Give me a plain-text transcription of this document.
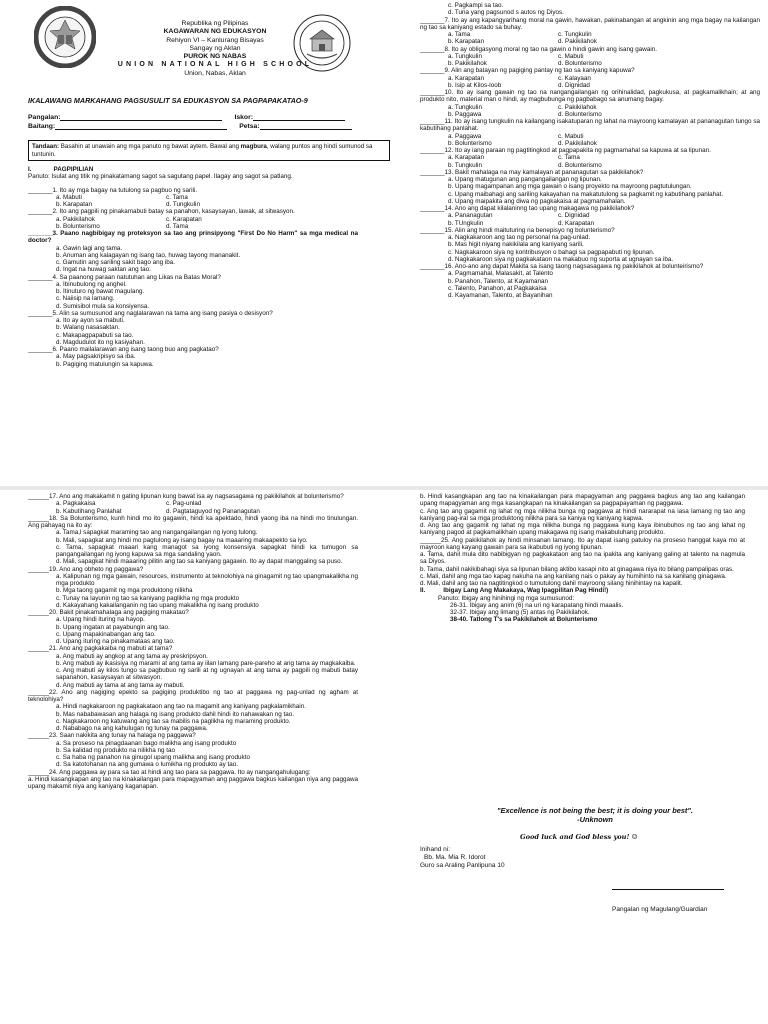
Republika ng Pilipinas
KAGAWARAN NG EDUKASYON
Rehiyon VI – Kanlurang Bisayas
Sangay ng Aklan
PUROK NG NABAS
UNION NATIONAL HIGH SCHOOL
Union, Nabas, Aklan
IKALAWANG MARKAHANG PAGSUSULIT SA EDUKASYON SA PAGPAPAKATAO-9
Pangalan:	Iskor:
Baitang:	Petsa:
Tandaan: Basahin at unawain ang mga panuto ng bawat aytem. Bawal ang magbura, walang puntos ang hindi sumunod sa tuntunin.
I.	PAGPIPILIAN
Panuto: Isulat ang titik ng pinakatamang sagot sa sagutang papel. Ilagay ang sagot sa patlang.
_______1. Ito ay mga bagay na tutulong sa pagbuo ng sarili.
a. Mabuti	c. Tama
b. Karapatan	d. Tungkulin
_______2. Ito ang pagpili ng pinakamabuti batay sa panahon, kasaysayan, lawak, at sitwasyon.
a. Pakikilahok	c. Karapatan
b. Bolunterismo	d. Tama
_______3. Paano nagbibigay ng proteksyon sa tao ang prinsipyong "First Do No Harm" sa mga medical na doctor?
a. Gawin lagi ang tama.
b. Anuman ang kalagayan ng isang tao, huwag tayong mananakit.
c. Gamutin ang sariling sakit bago ang iba.
d. Ingat na huwag saktan ang tao.
_______4. Sa paanong paraan natutuhan ang Likas na Batas Moral?
a. Ibinubulong ng anghel.
b. Itinuturo ng bawat magulang.
c. Naiisip na lamang.
d. Sumisibol mula sa konsiyensa.
_______5. Alin sa sumusunod ang naglalarawan na tama ang isang pasiya o desisyon?
a. Ito ay ayon sa mabuti.
b. Walang nasasaktan.
c. Makapagpapabuti sa tao.
d. Magdudulot ito ng kasiyahan.
_______6. Paano mailalarawan ang isang taong buo ang pagkatao?
a. May pagsakripisyo sa iba.
b. Pagiging matulungin sa kapuwa.
c. Pagkampi sa tao.
d. Tuna yang pagsunod s autos ng Diyos.
_______7. Ito ay ang kapangyarihang moral na gawin, hawakan, pakinabangan at angkinin ang mga bagay na kailangan ng tao sa kaniyang estado sa buhay.
a. Tama	c. Tungkulin
b. Karapatan	d. Pakikilahok
_______8. Ito ay obligasyong moral ng tao na gawin o hindi gawin ang isang gawain.
a. Tungkulin	c. Mabuti
b. Pakikilahok	d. Bolunterismo
_______9. Alin ang batayan ng pagiging pantay ng tao sa kaniyang kapuwa?
a. Karapatan	c. Kalayaan
b. Isip at Kilos-loob	d. Dignidad
_______10. Ito ay isang gawain ng tao na nangangailangan ng orihinalidad, pagkukusa, at pagkamalikhain; at ang produkto nito, material man o hindi, ay magbubunga ng pagbabago sa anumang bagay.
a. Tungkulin	c. Pakikilahok
b. Paggawa	d. Bolunterismo
_______11. Ito ay isang tungkulin na kailangang isakatuparan ng lahat na mayroong kamalayan at pananagutan tungo sa kabutihang panlahat.
a. Paggawa	c. Mabuti
b. Bolunterismo	d. Pakikilahok
_______12. Ito ay iang paraan ng pagtitingkod at pagpapakita ng pagmamahal sa kapuwa at sa lipunan.
a. Karapatan	c. Tama
b. Tungkulin	d. Bolunterismo
_______13. Bakit mahalaga na may kamalayan at pananagutan sa pakikilahok?
a. Upang matugunan ang pangangailangan ng lipunan.
b. Upang magampanan ang mga gawain o isang proyekto na mayroong pagtutulungan.
c. Upang maibahagi ang sariling kakayahan na makatutulong sa pagkamit ng kabutihang panlahat.
d. Upang maipakita ang diwa ng pagkakaisa at pagmamahalan.
_______14. Ano ang dapat kilalaninng tao upang makagawa ng pakikilahok?
a. Pananagutan	c. Dignidad
b. TUngkulin	d. Karapatan
_______15. Alin ang hindi maituturing na benepisyo ng bolunterismo?
a. Nagkakaroon ang tao ng personal na pag-unlad.
b. Mas higit niyang nakikilala ang kaniyang sarili.
c. Nagkakaroon siya ng kontribusyon o bahagi sa pagpapabuti ng lipunan.
d. Nagkakaroon siya ng pagkakataon na makabuo ng suporta at ugnayan sa iba.
_______16. Ano-ano ang dapat Makita sa isang taong nagsasagawa ng pakikilahok at bolunteirismo?
a. Pagmamahal, Malasakit, at Talento
b. Panahon, Talento, at Kayamanan
c. Talento, Panahon, at Pagkakaisa
d. Kayamanan, Talento, at Bayanihan
______17. Ano ang makakamit n gating lipunan kung bawat isa ay nagsasagawa ng pakikilahok at bolunterismo?
a. Pagkakaisa	c. Pag-unlad
b. Kabutihang Panlahat	d. Pagtataguyod ng Pananagutan
______18. Sa Bolunterismo, kunh hindi mo ito gagawin, hindi ka apektado, hindi yaong iba na hindi mo tinulungan. Ang pahayag na ito ay:
a. Tama,l sapagkat maraming tao ang nangangailangan ng iyong tulong.
b. Mali, sapagkat ang hindi mo pagtulong ay isang bagay na maaaring makaapekto sa iyo.
c. Tama, sapagkat maaari kang managot sa iyong konsensiya sapagkat hindi ka tumugon sa pangangailangan ng iyong kapuwa sa mga sandaling yaon.
d. Mali, sapagkat hindi maaaring pilitin ang tao sa kaniyang gagawin. Ito ay dapat manggaling sa puso.
______19. Ano ang obheto ng paggawa?
a. Kalipunan ng mga gawain, resources, instrumento at teknolohiya na ginagamit ng tao upangmakalikha ng mga produkto
b. Mga taong gagamit ng mga produktong nilikha
c. Tunay na layunin ng tao sa kaniyang paglikha ng mga produkto
d. Kakayahang kakailanganin ng tao upang makalikha ng isang produkto
______20. Bakit pinakamahalaga ang pagiging makatao?
a. Upang hindi ituring na hayop.
b. Upang ingatan at payabungin ang tao.
c. Upang mapakinabangan ang tao.
d. Upang ituring na pinakamataas ang tao.
______21. Ano ang pagkakaiba ng mabuti at tama?
a. Ang mabuti ay angkop at ang tama ay preskripsyon.
b. Ang mabuti ay ikasisiya ng marami at ang tama ay iilan lamang pare-pareho at ang tama ay magkakaiba.
c. Ang mabuti ay kilos tungo sa pagbubuo ng sarili at ng ugnayan at ang tama ay pagpili ng mabuti batay sapanahon, kasaysayan at sitwasyon.
d. Ang mabuti ay tama at ang tama ay mabuti.
______22. Ano ang nagiging epekto sa pagiging produktibo ng tao at paggawa ng pag-unlad ng agham at teknolohiya?
a. Hindi nagkakaroon ng pagkakataon ang tao na magamit ang kaniyang pagkalamikhain.
b. Mas nababawasan ang halaga ng isang produkto dahil hindi ito nahawakan ng tao.
c. Nagkakaroon ng katuwang ang tao sa mabilis na paglikha ng maraming produkto.
d. Nababago na ang kahulugan ng tunay na paggawa.
______23. Saan nakikita ang tunay na halaga ng paggawa?
a. Sa proseso na pinagdaanan bago malikha ang isang produkto
b. Sa kalidad ng produkto na nilikha ng tao
c. Sa haba ng panahon na ginugol upang malikha ang isang produkto
d. Sa katotohanan na ang gumawa o lumikha ng produkto ay tao.
______24. Ang paggawa ay para sa tao at hindi ang tao para sa paggawa. Ito ay nangangahulugang:
a. Hindi kasangkapan ang tao na kinakailangan para mapagyaman ang paggawa bagkus kailangan niya ang paggawa upang makamit niya ang kaniyang kaganapan.
b. Hindi kasangkapan ang tao na kinakailangan para mapagyaman ang paggawa bagkus ang tao ang kailangan upang mapagyaman ang mga kasangkapan na kinakailangan sa pagpapayaman ng paggawa.
c. Ang tao ang gagamit ng lahat ng mga nilikha bunga ng paggawa at hindi nararapat na iasa lamang ng tao ang kaniyang pag-iral sa mga produktong nilikha para sa kaniya ng kaniyang kapwa.
d. Ang tao ang gagamit ng lahat ng mga nilikha bunga ng paggawa kung kaya ibinubuhos ng tao ang lahat ng kaniyang pagod at pagkamalikhain upang makagawa ng isang makabuluhang produkto.
______25. Ang pakikilahok ay hindi minsanan lamang. Ito ay dapat isang patuloy na proseso hanggat kaya mo at mayroon kang kayang gawain para sa ikabubuti ng iyong lipunan.
a. Tama, dahil mula dito nabibigyan ng pagkakataon ang tao na ipakita ang kaniyang galing at talento na nagmula sa Diyos.
b. Tama, dahil nakikibahagi siya sa lipunan bilang aktibo kasapi nito at ginagawa niya ito bilang pampalipas oras.
c. Mali, dahil ang mga tao kapag nakuha na ang kanilang nais o pakay ay humihinto na sa kanilang ginagawa.
d. Mali, dahil ang tao na nagtitingkod o tumutulong dahil mayroong silang hinihintay na kapalit.
II.	Ibigay Lang Ang Makakaya, Wag Ipagpilitan Pag Hindi!)
Panuto: Ibigay ang hinihingi ng mga sumusunod:
26-31. Ibigay ang anim (6) na uri ng karapatang hindi maaalis.
32-37. Ibigay ang limang (5) antas ng Pakikilahok.
38-40. Tatlong T's sa Pakikilahok at Bolunterismo
"Excellence is not being the best; it is doing your best".
-Unknown
Good luck and God bless you! ☺
Inihand ni:
Bb. Ma. Mia R. Idorot
Guro sa Araling Panlipuna 10
Pangalan ng Magulang/Guardian
